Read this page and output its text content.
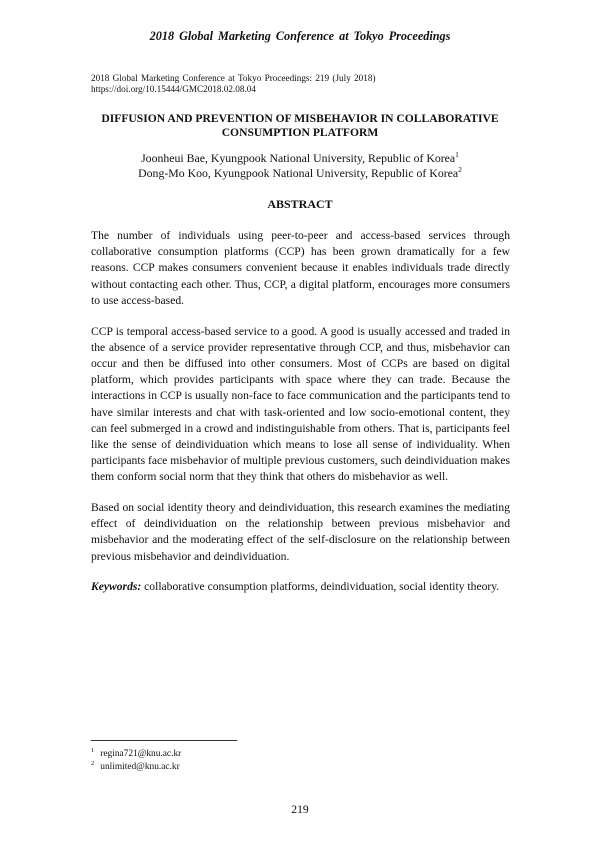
2018 Global Marketing Conference at Tokyo Proceedings
2018 Global Marketing Conference at Tokyo Proceedings: 219 (July 2018)
https://doi.org/10.15444/GMC2018.02.08.04
DIFFUSION AND PREVENTION OF MISBEHAVIOR IN COLLABORATIVE CONSUMPTION PLATFORM
Joonheui Bae, Kyungpook National University, Republic of Korea$^1$
Dong-Mo Koo, Kyungpook National University, Republic of Korea$^2$
ABSTRACT

The number of individuals using peer-to-peer and access-based services through collaborative consumption platforms (CCP) has been grown dramatically for a few reasons. CCP makes consumers convenient because it enables individuals trade directly without contacting each other. Thus, CCP, a digital platform, encourages more consumers to use access-based.

CCP is temporal access-based service to a good. A good is usually accessed and traded in the absence of a service provider representative through CCP, and thus, misbehavior can occur and then be diffused into other consumers. Most of CCPs are based on digital platform, which provides participants with space where they can trade. Because the interactions in CCP is usually non-face to face communication and the participants tend to have similar interests and chat with task-oriented and low socio-emotional content, they can feel submerged in a crowd and indistinguishable from others. That is, participants feel like the sense of deindividuation which means to lose all sense of individuality. When participants face misbehavior of multiple previous customers, such deindividuation makes them conform social norm that they think that others do misbehavior as well.

Based on social identity theory and deindividuation, this research examines the mediating effect of deindividuation on the relationship between previous misbehavior and misbehavior and the moderating effect of the self-disclosure on the relationship between previous misbehavior and deindividuation.

Keywords: collaborative consumption platforms, deindividuation, social identity theory.

$^1$ regina721@knu.ac.kr
$^2$ unlimited@knu.ac.kr
219
